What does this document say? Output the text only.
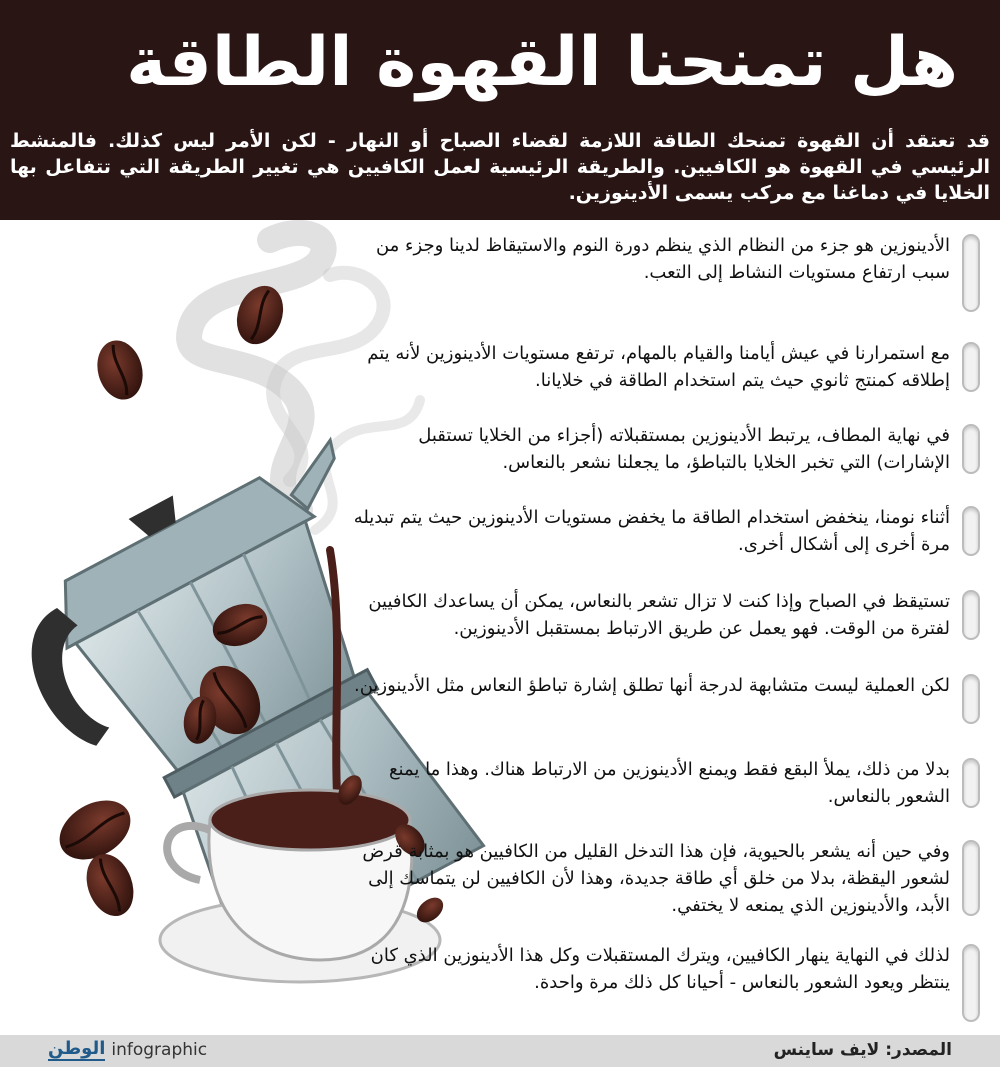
هل تمنحنا القهوة الطاقة
قد تعتقد أن القهوة تمنحك الطاقة اللازمة لقضاء الصباح أو النهار - لكن الأمر ليس كذلك. فالمنشط الرئيسي في القهوة هو الكافيين. والطريقة الرئيسية لعمل الكافيين هي تغيير الطريقة التي تتفاعل بها الخلايا في دماغنا مع مركب يسمى الأدينوزين.
الأدينوزين هو جزء من النظام الذي ينظم دورة النوم والاستيقاظ لدينا وجزء من سبب ارتفاع مستويات النشاط إلى التعب.
مع استمرارنا في عيش أيامنا والقيام بالمهام، ترتفع مستويات الأدينوزين لأنه يتم إطلاقه كمنتج ثانوي حيث يتم استخدام الطاقة في خلايانا.
في نهاية المطاف، يرتبط الأدينوزين بمستقبلاته (أجزاء من الخلايا تستقبل الإشارات) التي تخبر الخلايا بالتباطؤ، ما يجعلنا نشعر بالنعاس.
أثناء نومنا، ينخفض استخدام الطاقة ما يخفض مستويات الأدينوزين حيث يتم تبديله مرة أخرى إلى أشكال أخرى.
تستيقظ في الصباح وإذا كنت لا تزال تشعر بالنعاس، يمكن أن يساعدك الكافيين لفترة من الوقت. فهو يعمل عن طريق الارتباط بمستقبل الأدينوزين.
لكن العملية ليست متشابهة لدرجة أنها تطلق إشارة تباطؤ النعاس مثل الأدينوزين.
بدلا من ذلك، يملأ البقع فقط ويمنع الأدينوزين من الارتباط هناك. وهذا ما يمنع الشعور بالنعاس.
وفي حين أنه يشعر بالحيوية، فإن هذا التدخل القليل من الكافيين هو بمثابة قرض لشعور اليقظة، بدلا من خلق أي طاقة جديدة، وهذا لأن الكافيين لن يتماسك إلى الأبد، والأدينوزين الذي يمنعه لا يختفي.
لذلك في النهاية ينهار الكافيين، ويترك المستقبلات وكل هذا الأدينوزين الذي كان ينتظر ويعود الشعور بالنعاس - أحيانا كل ذلك مرة واحدة.
المصدر: لايف ساينس
الوطن infographic
